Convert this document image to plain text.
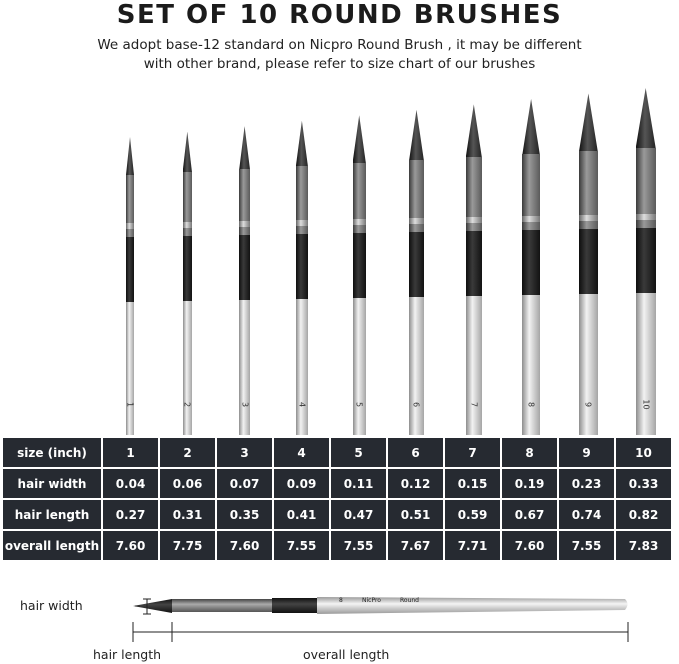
SET OF 10 ROUND BRUSHES
We adopt base-12 standard on Nicpro Round Brush , it may be different
with other brand, please refer to size chart of our brushes
1	2	3	4	5	6	7	8	9	10
size (inch)	1	2	3	4	5	6	7	8	9	10
hair width	0.04	0.06	0.07	0.09	0.11	0.12	0.15	0.19	0.23	0.33
hair length	0.27	0.31	0.35	0.41	0.47	0.51	0.59	0.67	0.74	0.82
overall length	7.60	7.75	7.60	7.55	7.55	7.67	7.71	7.60	7.55	7.83
8	NicPro	Round
hair width
hair length	overall length
